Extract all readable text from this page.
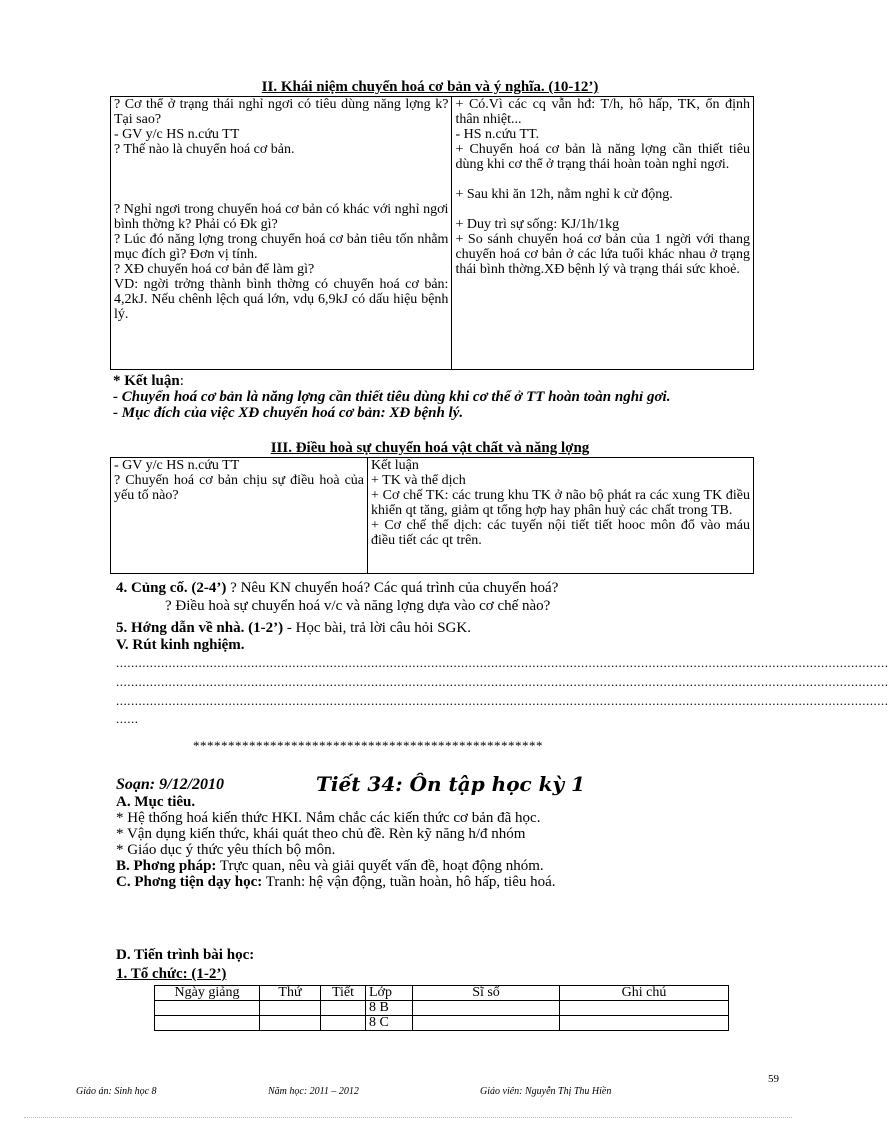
II. Khái niệm chuyển hoá cơ bản và ý nghĩa. (10-12’)
? Cơ thể ở trạng thái nghỉ ngơi có tiêu dùng năng lợng k? Tại sao?
- GV y/c HS n.cứu TT
? Thế nào là chuyển hoá cơ bản.
? Nghỉ ngơi trong chuyển hoá cơ bản có khác với nghỉ ngơi bình thờng k? Phải có Đk gì?
? Lúc đó năng lợng trong chuyển hoá cơ bản tiêu tốn nhằm mục đích gì? Đơn vị tính.
? XĐ chuyển hoá cơ bản để làm gì?
VD: ngời trởng thành bình thờng có chuyển hoá cơ bản: 4,2kJ. Nếu chênh lệch quá lớn, vdụ 6,9kJ có dấu hiệu bệnh lý.

+ Có.Vì các cq vẫn hđ: T/h, hô hấp, TK, ổn định thân nhiệt...
- HS n.cứu TT.
+ Chuyển hoá cơ bản là năng lợng cần thiết tiêu dùng khi cơ thể ở trạng thái hoàn toàn nghỉ ngơi.
+ Sau khi ăn 12h, nằm nghỉ k cử động.
+ Duy trì sự sống: KJ/1h/1kg
+ So sánh chuyển hoá cơ bản của 1 ngời với thang chuyển hoá cơ bản ở các lứa tuổi khác nhau ở trạng thái bình thờng.XĐ bệnh lý và trạng thái sức khoẻ.
* Kết luận:
- Chuyển hoá cơ bản là năng lợng cần thiết tiêu dùng khi cơ thể ở TT hoàn toàn nghỉ gơi.
- Mục đích của việc XĐ chuyển hoá cơ bản: XĐ bệnh lý.
III. Điều hoà sự chuyển hoá vật chất và năng lợng
- GV y/c HS n.cứu TT
? Chuyển hoá cơ bản chịu sự điều hoà của yếu tố nào?

Kết luận
+ TK và thể dịch
+ Cơ chế TK: các trung khu TK ở não bộ phát ra các xung TK điều khiển qt tăng, giảm qt tổng hợp hay phân huỷ các chất trong TB.
+ Cơ chế thể dịch: các tuyến nội tiết tiết hooc môn đổ vào máu điều tiết các qt trên.
4. Củng cố. (2-4’) ? Nêu KN chuyển hoá? Các quá trình của chuyển hoá?
? Điều hoà sự chuyển hoá v/c và năng lợng dựa vào cơ chế nào?
5. Hớng dẫn về nhà. (1-2’) - Học bài, trả lời câu hỏi SGK.
V. Rút kinh nghiệm.
..............................................................................................................................................................................................................
..............................................................................................................................................................................................................
..............................................................................................................................................................................................................
......
**************************************************
Soạn: 9/12/2010	Tiết 34: Ôn tập học kỳ 1
A. Mục tiêu.
* Hệ thống hoá kiến thức HKI. Nắm chắc các kiến thức cơ bản đã học.
* Vận dụng kiến thức, khái quát theo chủ đề. Rèn kỹ năng h/đ nhóm
* Giáo dục ý thức yêu thích bộ môn.
B. Phơng pháp: Trực quan, nêu và giải quyết vấn đề, hoạt động nhóm.
C. Phơng tiện dạy học: Tranh: hệ vận động, tuần hoàn, hô hấp, tiêu hoá.
D. Tiến trình bài học:
1. Tổ chức: (1-2’)
Ngày giảng	Thứ	Tiết	Lớp	Sĩ số	Ghi chú
			8 B		
			8 C		
Giáo án: Sinh học 8	Năm học: 2011 – 2012	Giáo viên: Nguyễn Thị Thu Hiền
59
